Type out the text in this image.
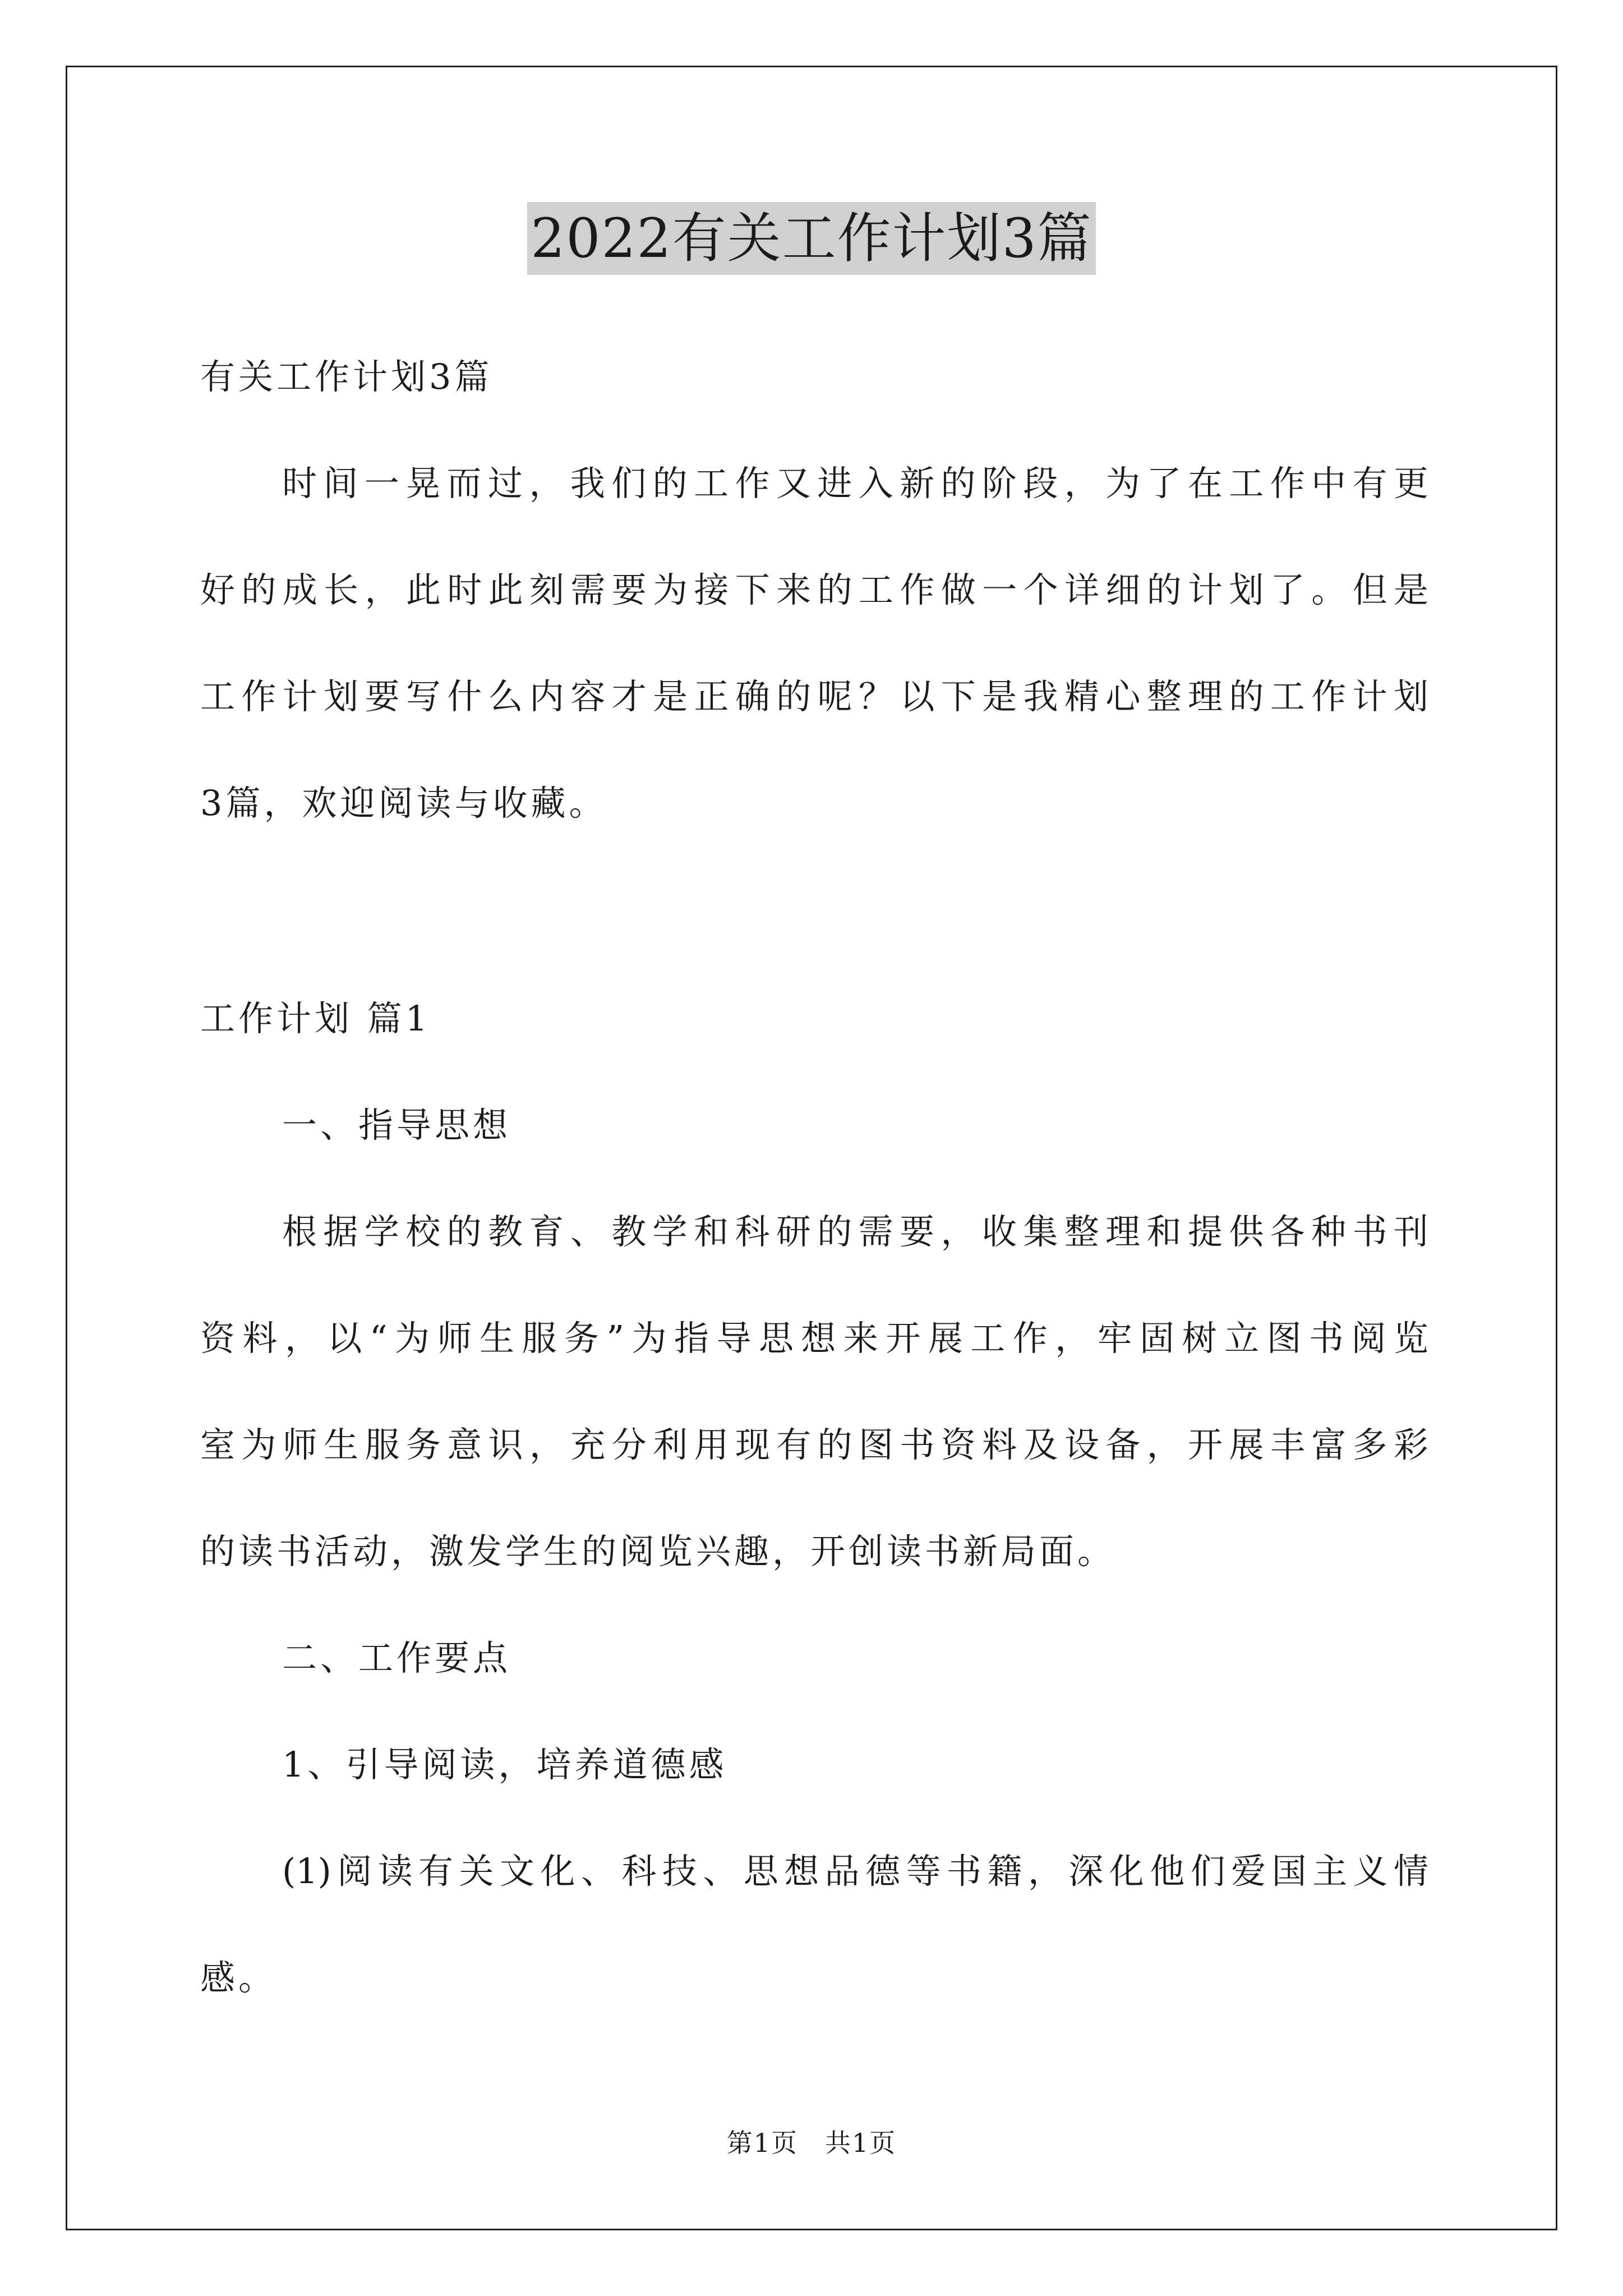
2022有关工作计划3篇
有关工作计划3篇
时间一晃而过，我们的工作又进入新的阶段，为了在工作中有更
好的成长，此时此刻需要为接下来的工作做一个详细的计划了。但是
工作计划要写什么内容才是正确的呢？以下是我精心整理的工作计划
3篇，欢迎阅读与收藏。
工作计划 篇1
一、指导思想
根据学校的教育、教学和科研的需要，收集整理和提供各种书刊
资料，以“为师生服务”为指导思想来开展工作，牢固树立图书阅览
室为师生服务意识，充分利用现有的图书资料及设备，开展丰富多彩
的读书活动，激发学生的阅览兴趣，开创读书新局面。
二、工作要点
1、引导阅读，培养道德感
(1)阅读有关文化、科技、思想品德等书籍，深化他们爱国主义情
感。
第1页　共1页
